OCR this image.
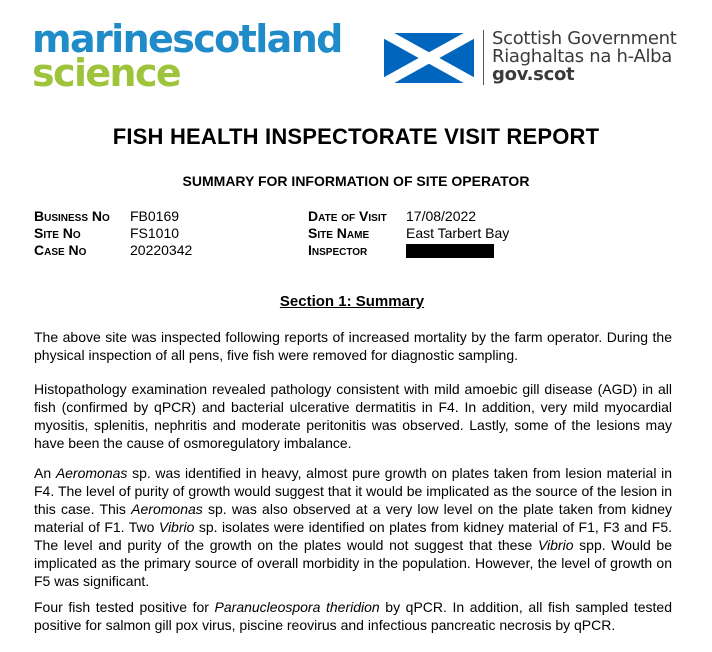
marinescotland
science
Scottish Government
Riaghaltas na h-Alba
gov.scot
FISH HEALTH INSPECTORATE VISIT REPORT
SUMMARY FOR INFORMATION OF SITE OPERATOR
Business No	FB0169
Site No	FS1010
Case No	20220342
Date of Visit	17/08/2022
Site Name	East Tarbert Bay
Inspector
Section 1: Summary

The above site was inspected following reports of increased mortality by the farm operator. During the physical inspection of all pens, five fish were removed for diagnostic sampling.

Histopathology examination revealed pathology consistent with mild amoebic gill disease (AGD) in all fish (confirmed by qPCR) and bacterial ulcerative dermatitis in F4. In addition, very mild myocardial myositis, splenitis, nephritis and moderate peritonitis was observed. Lastly, some of the lesions may have been the cause of osmoregulatory imbalance.

An Aeromonas sp. was identified in heavy, almost pure growth on plates taken from lesion material in F4. The level of purity of growth would suggest that it would be implicated as the source of the lesion in this case. This Aeromonas sp. was also observed at a very low level on the plate taken from kidney material of F1. Two Vibrio sp. isolates were identified on plates from kidney material of F1, F3 and F5. The level and purity of the growth on the plates would not suggest that these Vibrio spp. Would be implicated as the primary source of overall morbidity in the population. However, the level of growth on F5 was significant.

Four fish tested positive for Paranucleospora theridion by qPCR. In addition, all fish sampled tested positive for salmon gill pox virus, piscine reovirus and infectious pancreatic necrosis by qPCR.
